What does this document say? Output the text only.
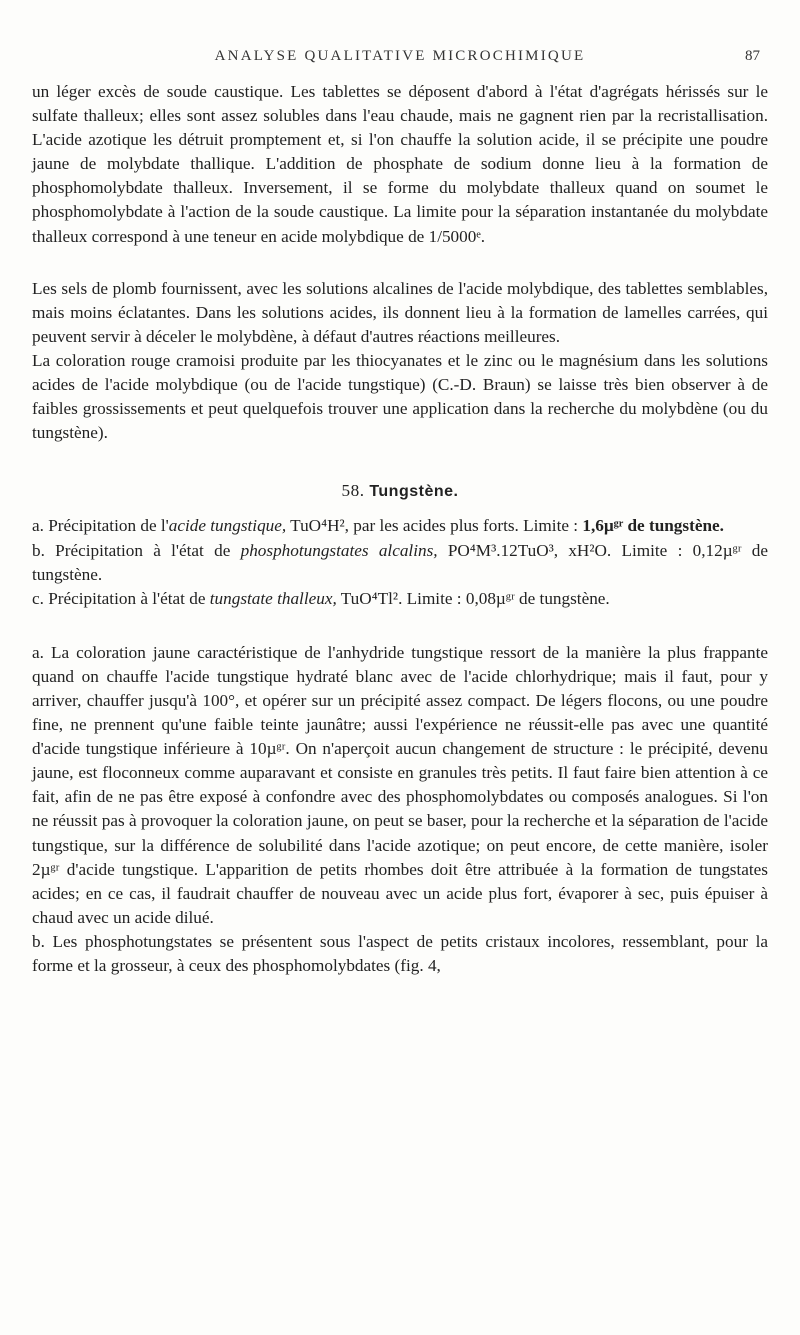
ANALYSE QUALITATIVE MICROCHIMIQUE	87

un léger excès de soude caustique. Les tablettes se déposent d'abord à l'état d'agrégats hérissés sur le sulfate thalleux; elles sont assez solubles dans l'eau chaude, mais ne gagnent rien par la recristallisation. L'acide azotique les détruit promptement et, si l'on chauffe la solution acide, il se précipite une poudre jaune de molybdate thallique. L'addition de phosphate de sodium donne lieu à la formation de phosphomolybdate thalleux. Inversement, il se forme du molybdate thalleux quand on soumet le phosphomolybdate à l'action de la soude caustique. La limite pour la séparation instantanée du molybdate thalleux correspond à une teneur en acide molybdique de 1/5000ᵉ.

Les sels de plomb fournissent, avec les solutions alcalines de l'acide molybdique, des tablettes semblables, mais moins éclatantes. Dans les solutions acides, ils donnent lieu à la formation de lamelles carrées, qui peuvent servir à déceler le molybdène, à défaut d'autres réactions meilleures.

La coloration rouge cramoisi produite par les thiocyanates et le zinc ou le magnésium dans les solutions acides de l'acide molybdique (ou de l'acide tungstique) (C.-D. Braun) se laisse très bien observer à de faibles grossissements et peut quelquefois trouver une application dans la recherche du molybdène (ou du tungstène).

58. Tungstène.

a. Précipitation de l'acide tungstique, TuO⁴H², par les acides plus forts. Limite : 1,6µᵍʳ de tungstène.

b. Précipitation à l'état de phosphotungstates alcalins, PO⁴M³.12TuO³, xH²O. Limite : 0,12µᵍʳ de tungstène.

c. Précipitation à l'état de tungstate thalleux, TuO⁴Tl². Limite : 0,08µᵍʳ de tungstène.

a. La coloration jaune caractéristique de l'anhydride tungstique ressort de la manière la plus frappante quand on chauffe l'acide tungstique hydraté blanc avec de l'acide chlorhydrique; mais il faut, pour y arriver, chauffer jusqu'à 100°, et opérer sur un précipité assez compact. De légers flocons, ou une poudre fine, ne prennent qu'une faible teinte jaunâtre; aussi l'expérience ne réussit-elle pas avec une quantité d'acide tungstique inférieure à 10µᵍʳ. On n'aperçoit aucun changement de structure : le précipité, devenu jaune, est floconneux comme auparavant et consiste en granules très petits. Il faut faire bien attention à ce fait, afin de ne pas être exposé à confondre avec des phosphomolybdates ou composés analogues. Si l'on ne réussit pas à provoquer la coloration jaune, on peut se baser, pour la recherche et la séparation de l'acide tungstique, sur la différence de solubilité dans l'acide azotique; on peut encore, de cette manière, isoler 2µᵍʳ d'acide tungstique. L'apparition de petits rhombes doit être attribuée à la formation de tungstates acides; en ce cas, il faudrait chauffer de nouveau avec un acide plus fort, évaporer à sec, puis épuiser à chaud avec un acide dilué.

b. Les phosphotungstates se présentent sous l'aspect de petits cristaux incolores, ressemblant, pour la forme et la grosseur, à ceux des phosphomolybdates (fig. 4,
